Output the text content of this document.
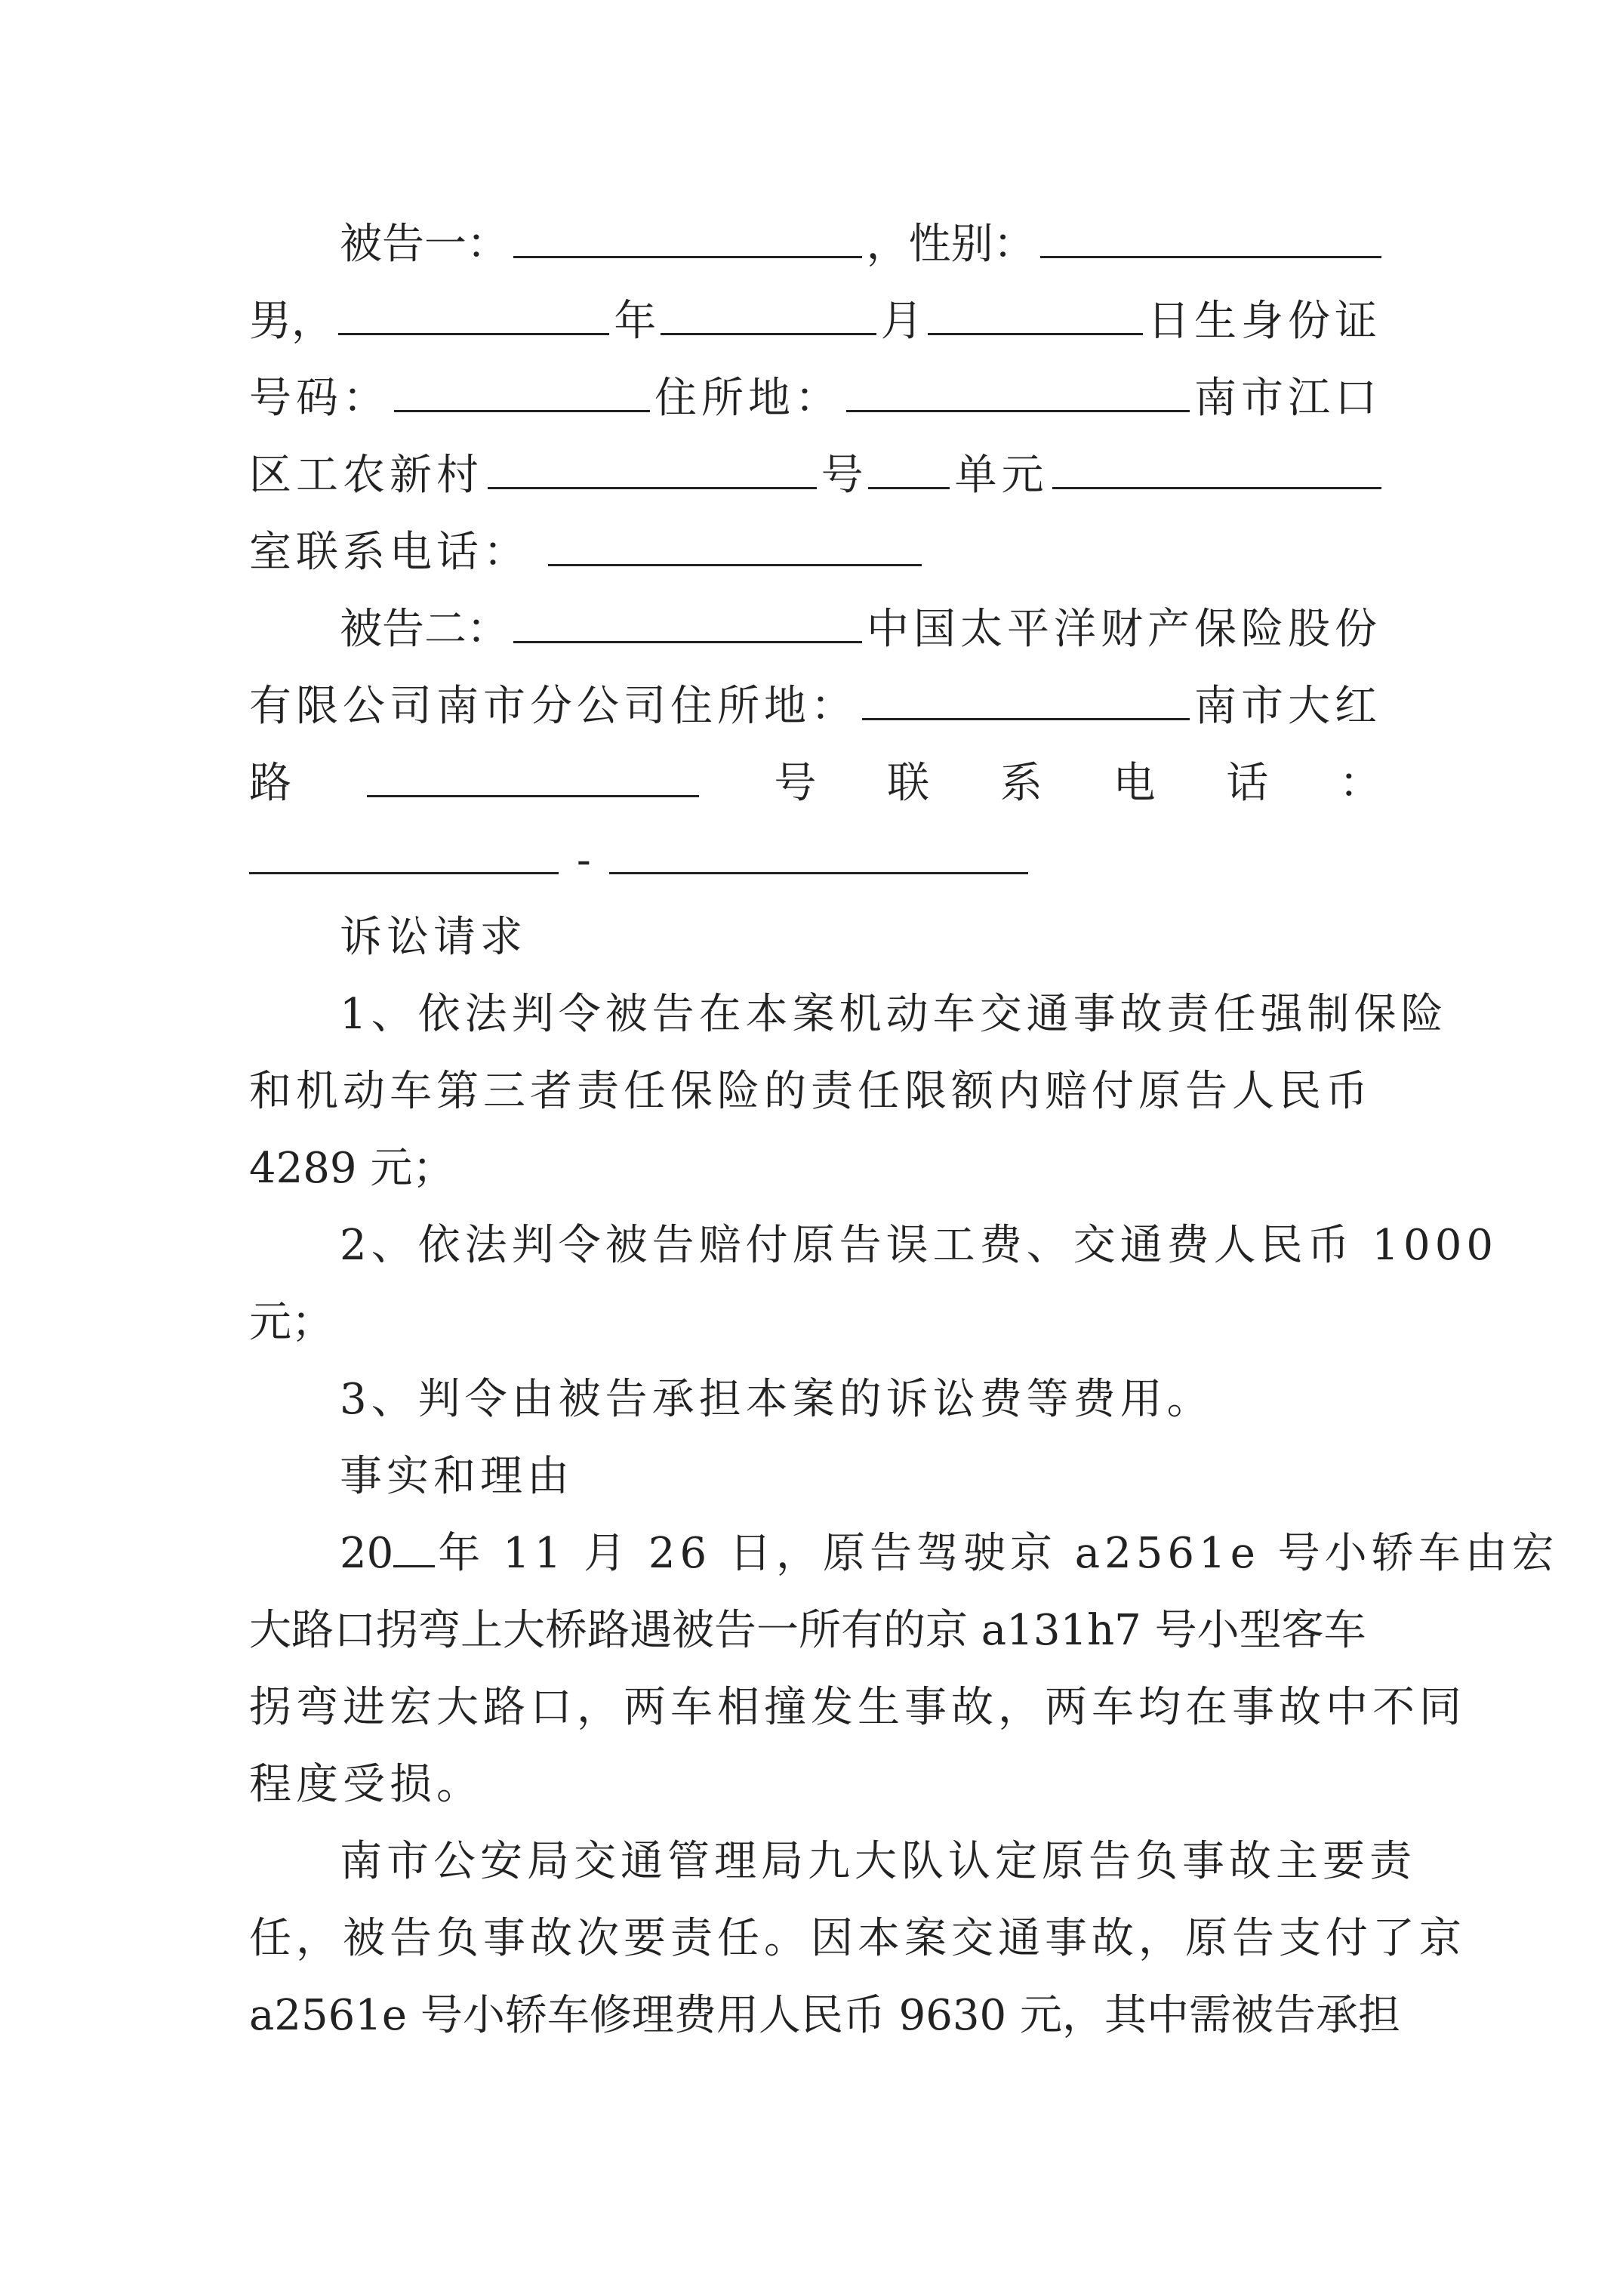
被告一：	，性别：
男，	年	月	日生身份证
号码：	住所地：	南市江口
区工农新村	号 单元
室联系电话：
被告二：	中国太平洋财产保险股份
有限公司南市分公司住所地：	南市大红
路	号 联 系 电 话 ：
-
诉讼请求
1、依法判令被告在本案机动车交通事故责任强制保险
和机动车第三者责任保险的责任限额内赔付原告人民币
4289 元；
2、依法判令被告赔付原告误工费、交通费人民币 1000
元；
3、判令由被告承担本案的诉讼费等费用。
事实和理由
20 年 11 月 26 日，原告驾驶京 a2561e 号小轿车由宏
大路口拐弯上大桥路遇被告一所有的京 a131h7 号小型客车
拐弯进宏大路口，两车相撞发生事故，两车均在事故中不同
程度受损。
南市公安局交通管理局九大队认定原告负事故主要责
任，被告负事故次要责任。因本案交通事故，原告支付了京
a2561e 号小轿车修理费用人民币 9630 元，其中需被告承担
